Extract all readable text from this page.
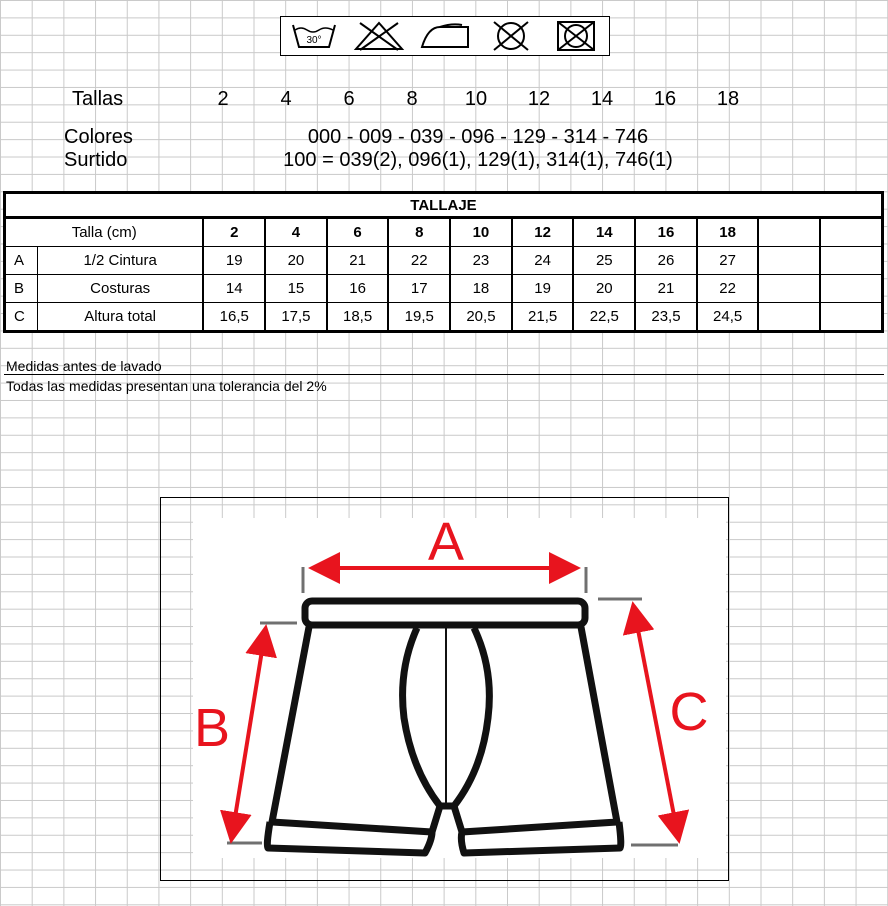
30°
Tallas	2	4	6	8	10	12	14	16	18
Colores	000 - 009 - 039 - 096 - 129 - 314 - 746
Surtido	100 = 039(2), 096(1), 129(1), 314(1), 746(1)
TALLAJE												
Talla (cm)		2	4	6	8	10	12	14	16	18		
A	1/2 Cintura	19	20	21	22	23	24	25	26	27		
B	Costuras	14	15	16	17	18	19	20	21	22		
C	Altura total	16,5	17,5	18,5	19,5	20,5	21,5	22,5	23,5	24,5		
Medidas antes de lavado
Todas las medidas presentan una tolerancia del 2%
A
B	C
